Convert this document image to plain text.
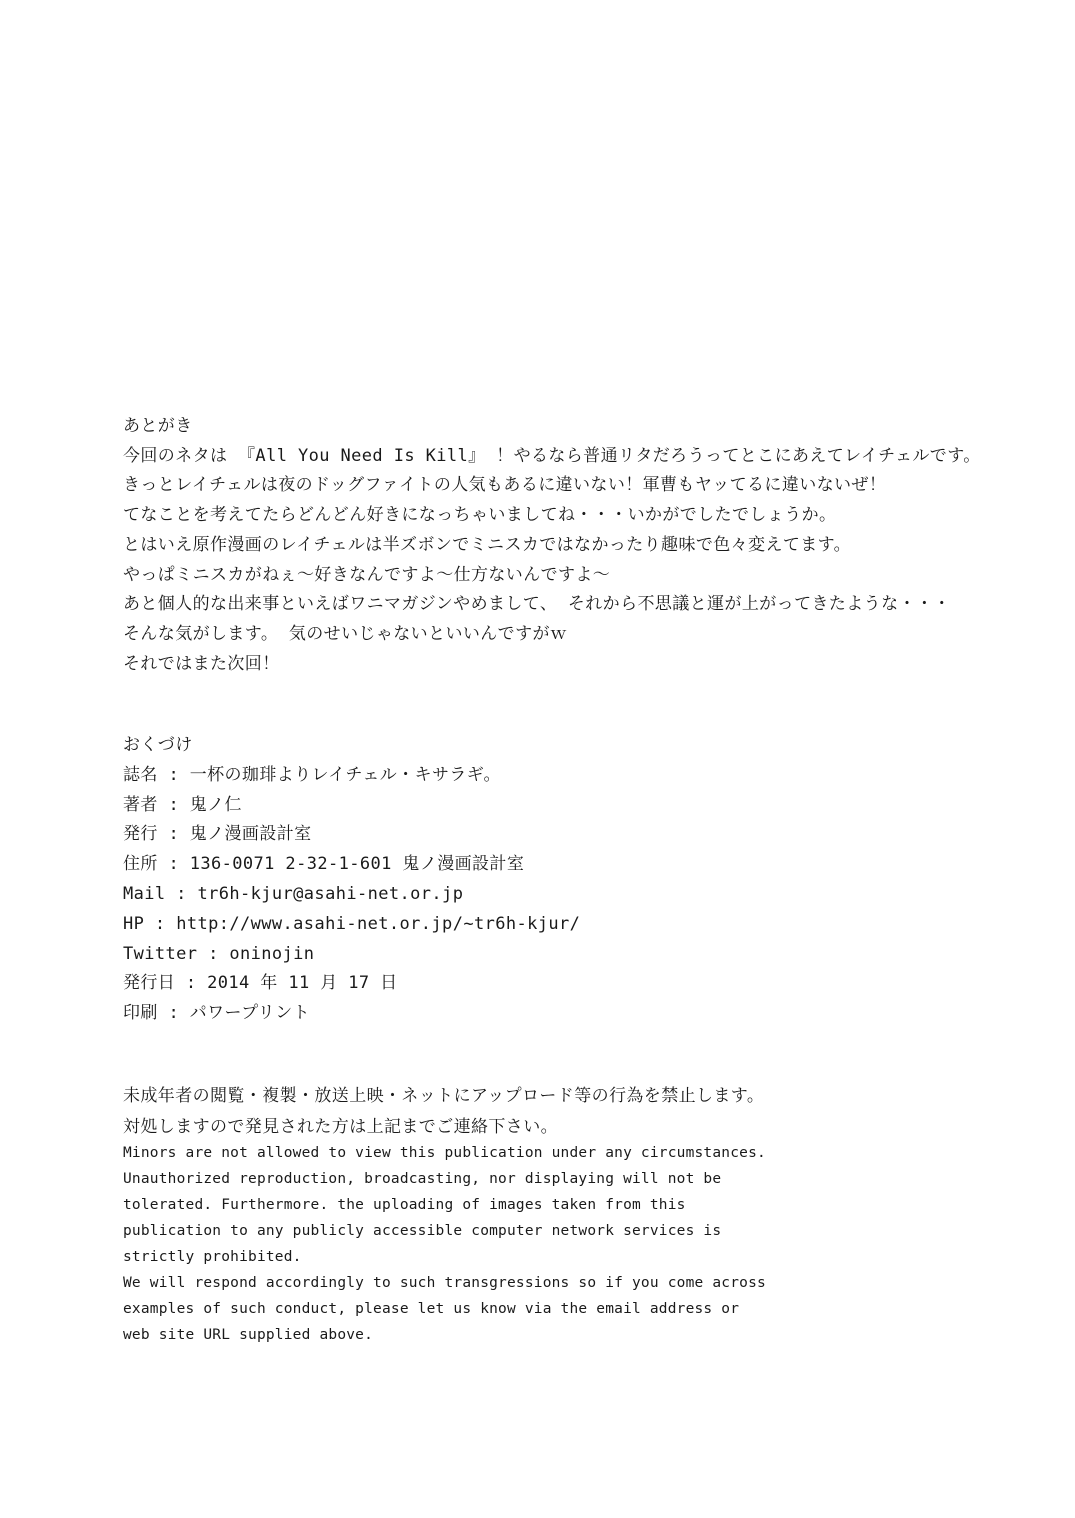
あとがき
今回のネタは 『All You Need Is Kill』 ！やるなら普通リタだろうってとこにあえてレイチェルです。
きっとレイチェルは夜のドッグファイトの人気もあるに違いない！軍曹もヤッてるに違いないぜ！
てなことを考えてたらどんどん好きになっちゃいましてね・・・いかがでしたでしょうか。
とはいえ原作漫画のレイチェルは半ズボンでミニスカではなかったり趣味で色々変えてます。
やっぱミニスカがねぇ～好きなんですよ～仕方ないんですよ～
あと個人的な出来事といえばワニマガジンやめまして、 それから不思議と運が上がってきたような・・・
そんな気がします。 気のせいじゃないといいんですがｗ
それではまた次回！
おくづけ
誌名 : 一杯の珈琲よりレイチェル・キサラギ。
著者 : 鬼ノ仁
発行 : 鬼ノ漫画設計室
住所 : 136-0071 2-32-1-601 鬼ノ漫画設計室
Mail : tr6h-kjur@asahi-net.or.jp
HP : http://www.asahi-net.or.jp/~tr6h-kjur/
Twitter : oninojin
発行日 : 2014 年 11 月 17 日
印刷 : パワープリント
未成年者の閲覧・複製・放送上映・ネットにアップロード等の行為を禁止します。
対処しますので発見された方は上記までご連絡下さい。
Minors are not allowed to view this publication under any circumstances.
Unauthorized reproduction, broadcasting, nor displaying will not be
tolerated. Furthermore. the uploading of images taken from this
publication to any publicly accessible computer network services is
strictly prohibited.
We will respond accordingly to such transgressions so if you come across
examples of such conduct, please let us know via the email address or
web site URL supplied above.
